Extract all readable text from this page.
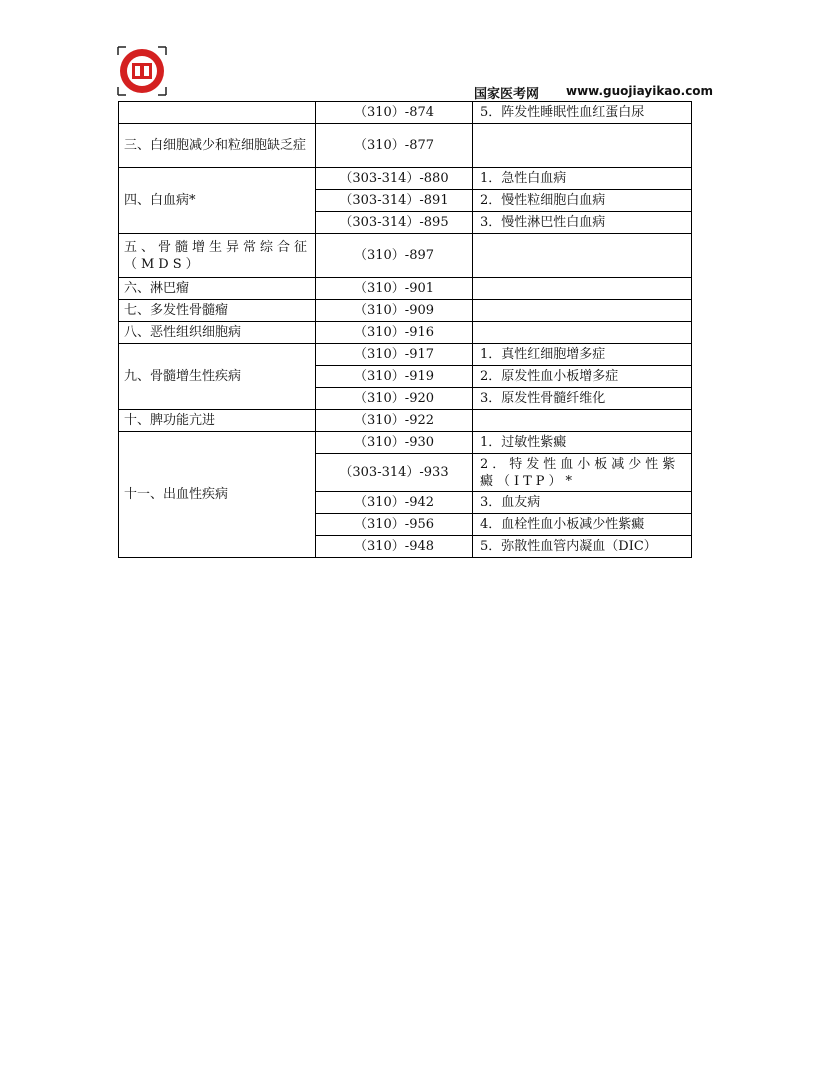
国家医考网 www.guojiayikao.com
	（310）-874	5．阵发性睡眠性血红蛋白尿
三、白细胞减少和粒细胞缺乏症	（310）-877	
四、白血病*	（303-314）-880	1．急性白血病
	（303-314）-891	2．慢性粒细胞白血病
	（303-314）-895	3．慢性淋巴性白血病
五、骨髓增生异常综合征（MDS）	（310）-897	
六、淋巴瘤	（310）-901	
七、多发性骨髓瘤	（310）-909	
八、恶性组织细胞病	（310）-916	
九、骨髓增生性疾病	（310）-917	1．真性红细胞增多症
	（310）-919	2．原发性血小板增多症
	（310）-920	3．原发性骨髓纤维化
十、脾功能亢进	（310）-922	
十一、出血性疾病	（310）-930	1．过敏性紫癜
	（303-314）-933	2．特发性血小板减少性紫癜（ITP）*
	（310）-942	3．血友病
	（310）-956	4．血栓性血小板减少性紫癜
	（310）-948	5．弥散性血管内凝血（DIC）
